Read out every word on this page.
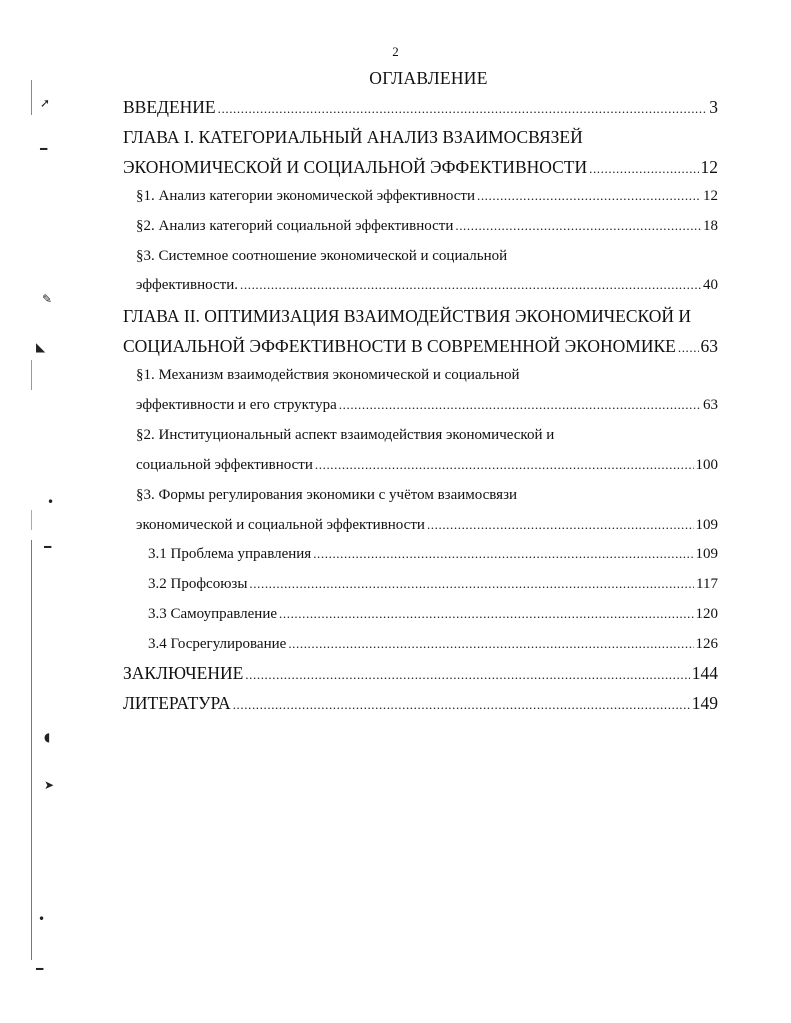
2
ОГЛАВЛЕНИЕ
ВВЕДЕНИЕ .....	3
ГЛАВА I. КАТЕГОРИАЛЬНЫЙ АНАЛИЗ ВЗАИМОСВЯЗЕЙ
ЭКОНОМИЧЕСКОЙ И СОЦИАЛЬНОЙ ЭФФЕКТИВНОСТИ .....	12
§1. Анализ категории экономической эффективности .....	12
§2. Анализ категорий социальной эффективности .....	18
§3. Системное соотношение экономической и социальной
эффективности. .....	40
ГЛАВА II. ОПТИМИЗАЦИЯ ВЗАИМОДЕЙСТВИЯ ЭКОНОМИЧЕСКОЙ И
СОЦИАЛЬНОЙ ЭФФЕКТИВНОСТИ В СОВРЕМЕННОЙ ЭКОНОМИКЕ ..... 63
§1. Механизм взаимодействия экономической и социальной
эффективности и его структура .....	63
§2. Институциональный аспект взаимодействия экономической и
социальной эффективности .....	100
§3. Формы регулирования экономики с учётом взаимосвязи
экономической и социальной эффективности .....	109
3.1 Проблема управления .....	109
3.2 Профсоюзы .....	117
3.3 Самоуправление .....	120
3.4 Госрегулирование .....	126
ЗАКЛЮЧЕНИЕ .....	144
ЛИТЕРАТУРА .....	149
➚
━
✎
◣
•
━
◖
➤
•
━
